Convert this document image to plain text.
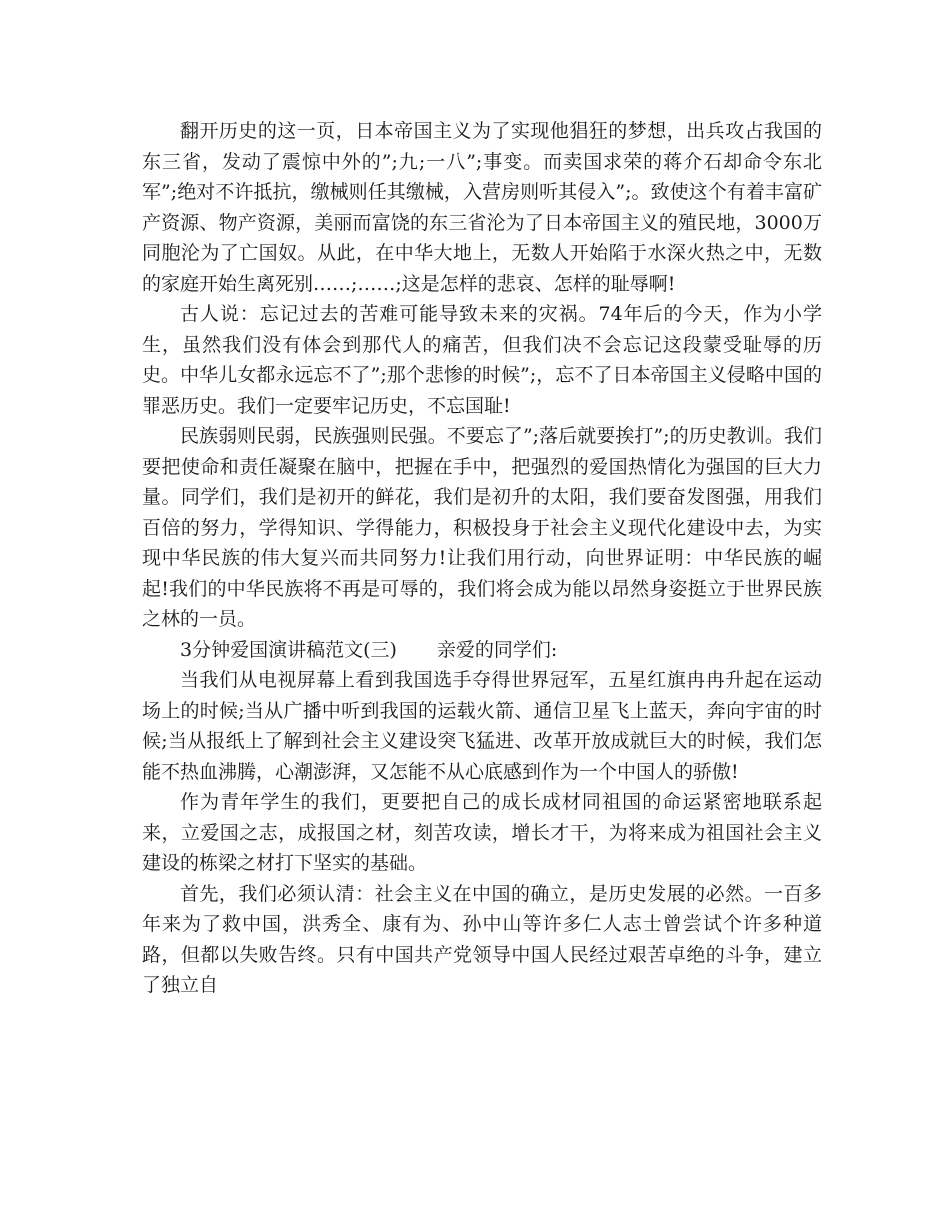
翻开历史的这一页，日本帝国主义为了实现他猖狂的梦想，出兵攻占我国的东三省，发动了震惊中外的”;九;一八”;事变。而卖国求荣的蒋介石却命令东北军”;绝对不许抵抗，缴械则任其缴械，入营房则听其侵入”;。致使这个有着丰富矿产资源、物产资源，美丽而富饶的东三省沦为了日本帝国主义的殖民地，3000万同胞沦为了亡国奴。从此，在中华大地上，无数人开始陷于水深火热之中，无数的家庭开始生离死别……;……;这是怎样的悲哀、怎样的耻辱啊!

古人说：忘记过去的苦难可能导致未来的灾祸。74年后的今天，作为小学生，虽然我们没有体会到那代人的痛苦，但我们决不会忘记这段蒙受耻辱的历史。中华儿女都永远忘不了”;那个悲惨的时候”;，忘不了日本帝国主义侵略中国的罪恶历史。我们一定要牢记历史，不忘国耻!

民族弱则民弱，民族强则民强。不要忘了”;落后就要挨打”;的历史教训。我们要把使命和责任凝聚在脑中，把握在手中，把强烈的爱国热情化为强国的巨大力量。同学们，我们是初开的鲜花，我们是初升的太阳，我们要奋发图强，用我们百倍的努力，学得知识、学得能力，积极投身于社会主义现代化建设中去，为实现中华民族的伟大复兴而共同努力!让我们用行动，向世界证明：中华民族的崛起!我们的中华民族将不再是可辱的，我们将会成为能以昂然身姿挺立于世界民族之林的一员。

3分钟爱国演讲稿范文(三) 亲爱的同学们:

当我们从电视屏幕上看到我国选手夺得世界冠军，五星红旗冉冉升起在运动场上的时候;当从广播中听到我国的运载火箭、通信卫星飞上蓝天，奔向宇宙的时候;当从报纸上了解到社会主义建设突飞猛进、改革开放成就巨大的时候，我们怎能不热血沸腾，心潮澎湃，又怎能不从心底感到作为一个中国人的骄傲!

作为青年学生的我们，更要把自己的成长成材同祖国的命运紧密地联系起来，立爱国之志，成报国之材，刻苦攻读，增长才干，为将来成为祖国社会主义建设的栋梁之材打下坚实的基础。

首先，我们必须认清：社会主义在中国的确立，是历史发展的必然。一百多年来为了救中国，洪秀全、康有为、孙中山等许多仁人志士曾尝试个许多种道路，但都以失败告终。只有中国共产党领导中国人民经过艰苦卓绝的斗争，建立了独立自
